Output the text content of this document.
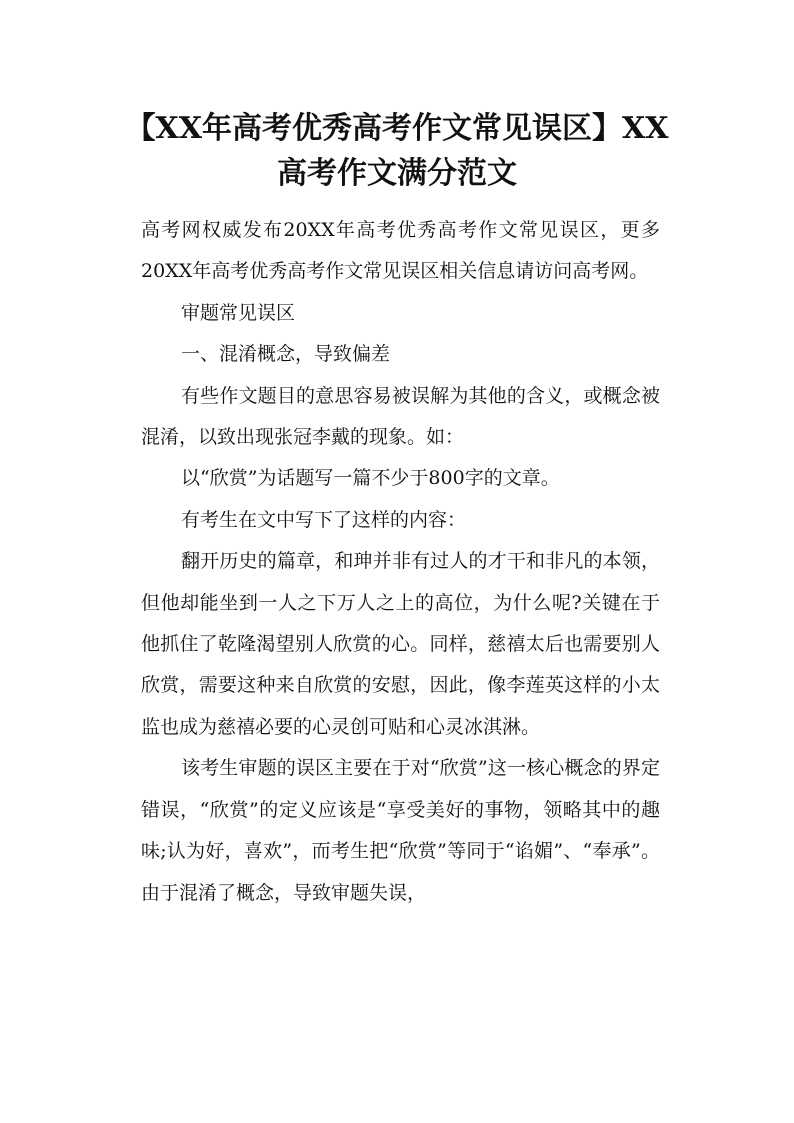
【XX年高考优秀高考作文常见误区】XX高考作文满分范文

高考网权威发布20XX年高考优秀高考作文常见误区，更多20XX年高考优秀高考作文常见误区相关信息请访问高考网。

审题常见误区

一、混淆概念，导致偏差

有些作文题目的意思容易被误解为其他的含义，或概念被混淆，以致出现张冠李戴的现象。如：

以“欣赏”为话题写一篇不少于800字的文章。

有考生在文中写下了这样的内容：

翻开历史的篇章，和珅并非有过人的才干和非凡的本领，但他却能坐到一人之下万人之上的高位，为什么呢?关键在于他抓住了乾隆渴望别人欣赏的心。同样，慈禧太后也需要别人欣赏，需要这种来自欣赏的安慰，因此，像李莲英这样的小太监也成为慈禧必要的心灵创可贴和心灵冰淇淋。

该考生审题的误区主要在于对“欣赏”这一核心概念的界定错误，“欣赏”的定义应该是“享受美好的事物，领略其中的趣味;认为好，喜欢”，而考生把“欣赏”等同于“谄媚”、“奉承”。由于混淆了概念，导致审题失误，
